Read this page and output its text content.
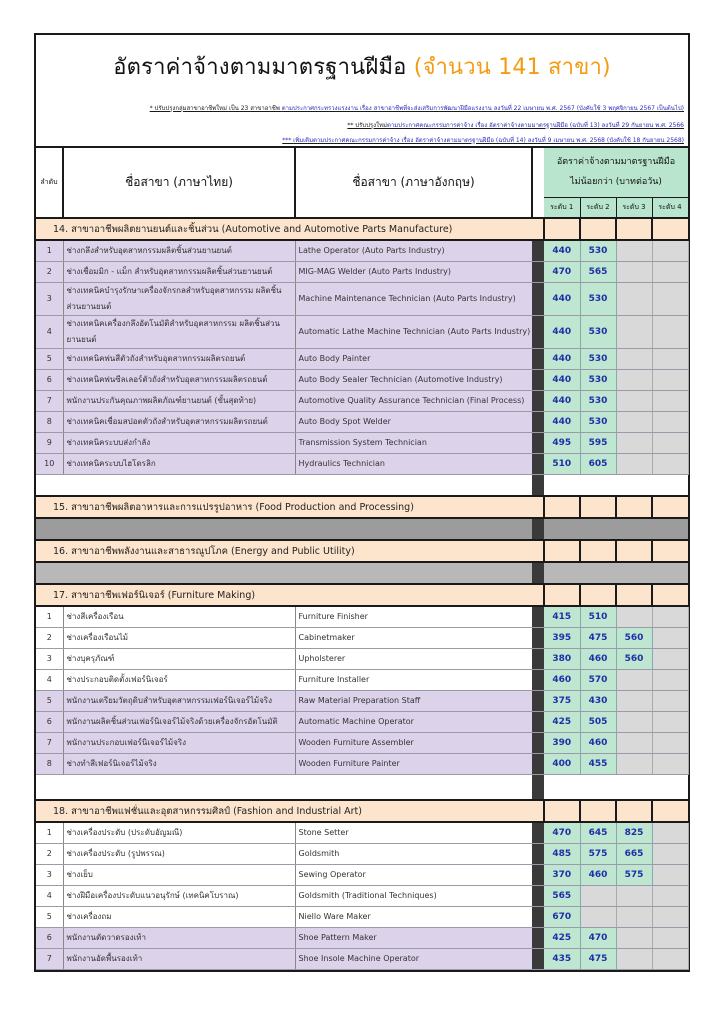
อัตราค่าจ้างตามมาตรฐานฝีมือ (จำนวน 141 สาขา)
* ปรับปรุงกลุ่มสาขาอาชีพใหม่ เป็น 23 สาขาอาชีพ ตามประกาศกระทรวงแรงงาน เรื่อง สาขาอาชีพที่จะส่งเสริมการพัฒนาฝีมือแรงงาน ลงวันที่ 22 เมษายน พ.ศ. 2567 (บังคับใช้ 3 พฤศจิกายน 2567 เป็นต้นไป)
** ปรับปรุงใหม่ตามประกาศคณะกรรมการค่าจ้าง เรื่อง อัตราค่าจ้างตามมาตรฐานฝีมือ (ฉบับที่ 13) ลงวันที่ 29 กันยายน พ.ศ. 2566
*** เพิ่มเติมตามประกาศคณะกรรมการค่าจ้าง เรื่อง อัตราค่าจ้างตามมาตรฐานฝีมือ (ฉบับที่ 14) ลงวันที่ 9 เมษายน พ.ศ. 2568 (บังคับใช้ 18 กันยายน 2568)
ลำดับ	ชื่อสาขา (ภาษาไทย)	ชื่อสาขา (ภาษาอังกฤษ)		อัตราค่าจ้างตามมาตรฐานฝีมือ
ไม่น้อยกว่า (บาทต่อวัน)			

				ระดับ 1	ระดับ 2	ระดับ 3	ระดับ 4
14. สาขาอาชีพผลิตยานยนต์และชิ้นส่วน (Automotive and Automotive Parts Manufacture)							
1	ช่างกลึงสำหรับอุตสาหกรรมผลิตชิ้นส่วนยานยนต์	Lathe Operator (Auto Parts Industry)		440	530		
2	ช่างเชื่อมมิก - แม็ก สำหรับอุตสาหกรรมผลิตชิ้นส่วนยานยนต์	MIG-MAG Welder (Auto Parts Industry)		470	565		
3	ช่างเทคนิคบำรุงรักษาเครื่องจักรกลสำหรับอุตสาหกรรม ผลิตชิ้นส่วนยานยนต์	Machine Maintenance Technician (Auto Parts Industry)		440	530		
4	ช่างเทคนิคเครื่องกลึงอัตโนมัติสำหรับอุตสาหกรรม ผลิตชิ้นส่วนยานยนต์	Automatic Lathe Machine Technician (Auto Parts Industry)		440	530		
5	ช่างเทคนิคพ่นสีตัวถังสำหรับอุตสาหกรรมผลิตรถยนต์	Auto Body Painter		440	530		
6	ช่างเทคนิคพ่นซีลเลอร์ตัวถังสำหรับอุตสาหกรรมผลิตรถยนต์	Auto Body Sealer Technician (Automotive Industry)		440	530		
7	พนักงานประกันคุณภาพผลิตภัณฑ์ยานยนต์ (ขั้นสุดท้าย)	Automotive Quality Assurance Technician (Final Process)		440	530		
8	ช่างเทคนิคเชื่อมสปอตตัวถังสำหรับอุตสาหกรรมผลิตรถยนต์	Auto Body Spot Welder		440	530		
9	ช่างเทคนิคระบบส่งกำลัง	Transmission System Technician		495	595		
10	ช่างเทคนิคระบบไฮโดรลิก	Hydraulics Technician		510	605		

15. สาขาอาชีพผลิตอาหารและการแปรรูปอาหาร (Food Production and Processing)							

16. สาขาอาชีพพลังงานและสาธารณูปโภค (Energy and Public Utility)							

17. สาขาอาชีพเฟอร์นิเจอร์ (Furniture Making)							
1	ช่างสีเครื่องเรือน	Furniture Finisher		415	510		
2	ช่างเครื่องเรือนไม้	Cabinetmaker		395	475	560	
3	ช่างบุครุภัณฑ์	Upholsterer		380	460	560	
4	ช่างประกอบติดตั้งเฟอร์นิเจอร์	Furniture Installer		460	570		
5	พนักงานเตรียมวัตถุดิบสำหรับอุตสาหกรรมเฟอร์นิเจอร์ไม้จริง	Raw Material Preparation Staff		375	430		
6	พนักงานผลิตชิ้นส่วนเฟอร์นิเจอร์ไม้จริงด้วยเครื่องจักรอัตโนมัติ	Automatic Machine Operator		425	505		
7	พนักงานประกอบเฟอร์นิเจอร์ไม้จริง	Wooden Furniture Assembler		390	460		
8	ช่างทำสีเฟอร์นิเจอร์ไม้จริง	Wooden Furniture Painter		400	455		

18. สาขาอาชีพแฟชั่นและอุตสาหกรรมศิลป์ (Fashion and Industrial Art)							
1	ช่างเครื่องประดับ (ประดับอัญมณี)	Stone Setter		470	645	825	
2	ช่างเครื่องประดับ (รูปพรรณ)	Goldsmith		485	575	665	
3	ช่างเย็บ	Sewing Operator		370	460	575	
4	ช่างฝีมือเครื่องประดับแนวอนุรักษ์ (เทคนิคโบราณ)	Goldsmith (Traditional Techniques)		565			
5	ช่างเครื่องถม	Niello Ware Maker		670			
6	พนักงานตัดวาดรองเท้า	Shoe Pattern Maker		425	470		
7	พนักงานอัดพื้นรองเท้า	Shoe Insole Machine Operator		435	475		
